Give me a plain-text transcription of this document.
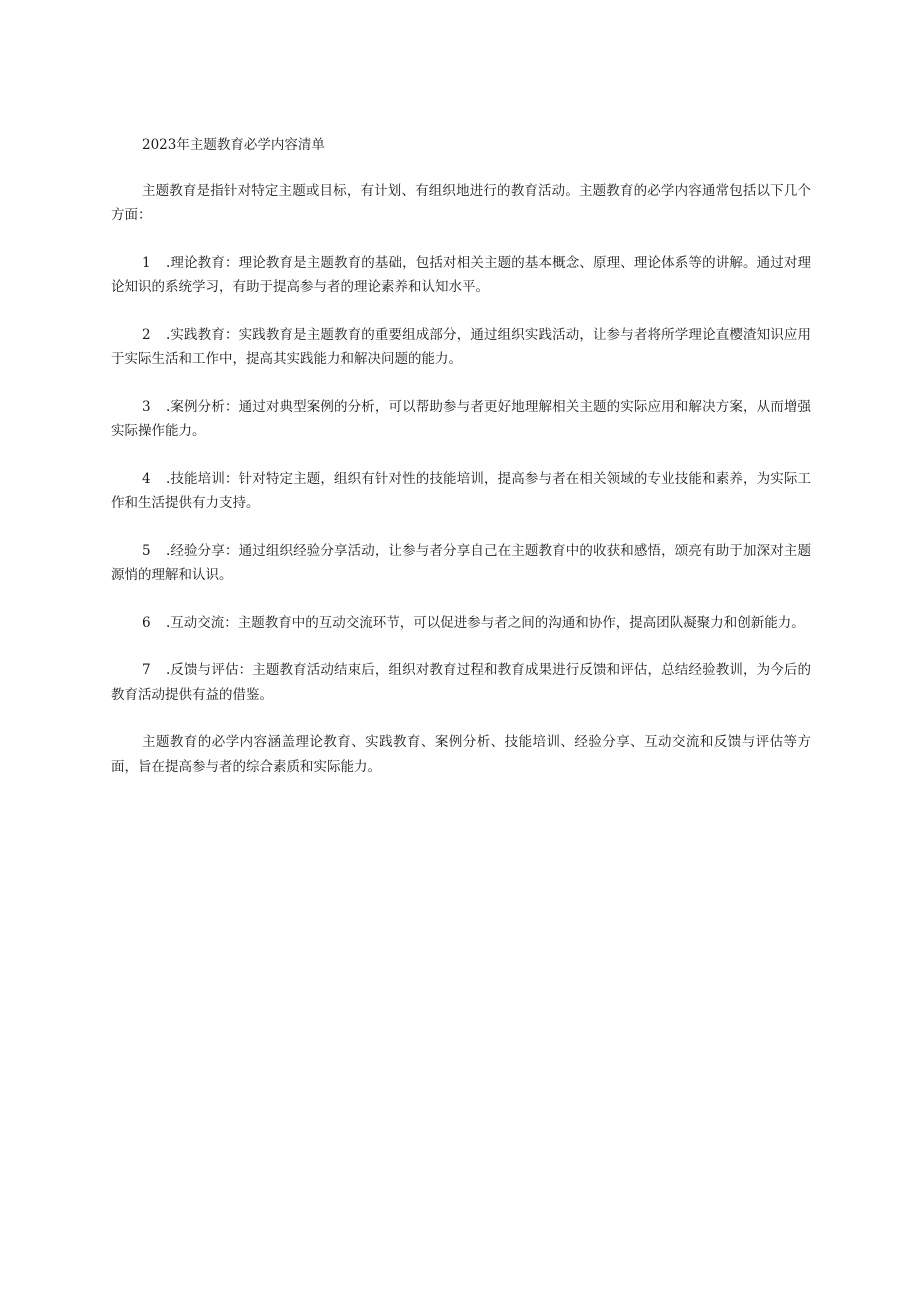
2023年主题教育必学内容清单

主题教育是指针对特定主题或目标，有计划、有组织地进行的教育活动。主题教育的必学内容通常包括以下几个方面：

1 .理论教育：理论教育是主题教育的基础，包括对相关主题的基本概念、原理、理论体系等的讲解。通过对理论知识的系统学习，有助于提高参与者的理论素养和认知水平。

2 .实践教育：实践教育是主题教育的重要组成部分，通过组织实践活动，让参与者将所学理论直樱渣知识应用于实际生活和工作中，提高其实践能力和解决问题的能力。

3 .案例分析：通过对典型案例的分析，可以帮助参与者更好地理解相关主题的实际应用和解决方案，从而增强实际操作能力。

4 .技能培训：针对特定主题，组织有针对性的技能培训，提高参与者在相关领域的专业技能和素养，为实际工作和生活提供有力支持。

5 .经验分享：通过组织经验分享活动，让参与者分享自己在主题教育中的收获和感悟，颂亮有助于加深对主题源悄的理解和认识。

6 .互动交流：主题教育中的互动交流环节，可以促进参与者之间的沟通和协作，提高团队凝聚力和创新能力。

7 .反馈与评估：主题教育活动结束后，组织对教育过程和教育成果进行反馈和评估，总结经验教训，为今后的教育活动提供有益的借鉴。

主题教育的必学内容涵盖理论教育、实践教育、案例分析、技能培训、经验分享、互动交流和反馈与评估等方面，旨在提高参与者的综合素质和实际能力。
